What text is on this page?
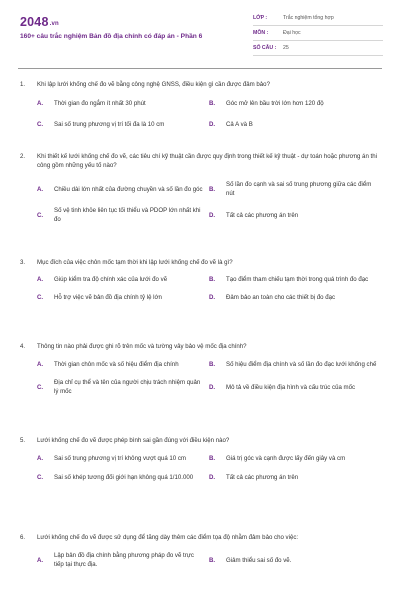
2048.vn
160+ câu trắc nghiệm Bản đồ địa chính có đáp án - Phần 6
LỚP :	Trắc nghiệm tổng hợp
MÔN :	Đại học
SỐ CÂU :	25
1.	Khi lập lưới khống chế đo vẽ bằng công nghệ GNSS, điều kiện gì cần được đảm bảo?
A.	Thời gian đo ngắm ít nhất 30 phút	B.	Góc mở lên bầu trời lớn hơn 120 độ
C.	Sai số trung phương vị trí tối đa là 10 cm	D.	Cả A và B
2.	Khi thiết kế lưới khống chế đo vẽ, các tiêu chí kỹ thuật cần được quy định trong thiết kế kỹ thuật - dự toán hoặc phương án thi công gồm những yếu tố nào?
A.	Chiều dài lớn nhất của đường chuyền và số lần đo góc	B.
Số lần đo cạnh và sai số trung phương giữa các điểm nút
C.
Số vệ tinh khỏe liên tục tối thiểu và PDOP lớn nhất khi đo
D.	Tất cả các phương án trên
3.	Mục đích của việc chôn mốc tạm thời khi lập lưới khống chế đo vẽ là gì?
A.	Giúp kiểm tra độ chính xác của lưới đo vẽ	B.	Tạo điểm tham chiếu tạm thời trong quá trình đo đạc
C.	Hỗ trợ việc vẽ bản đồ địa chính tỷ lệ lớn	D.	Đảm bảo an toàn cho các thiết bị đo đạc
4.	Thông tin nào phải được ghi rõ trên mốc và tường vây bảo vệ mốc địa chính?
A.	Thời gian chôn mốc và số hiệu điểm địa chính	B.	Số hiệu điểm địa chính và số lần đo đạc lưới khống chế
C.
Địa chỉ cụ thể và tên của người chịu trách nhiệm quản lý mốc
D.	Mô tả về điều kiện địa hình và cấu trúc của mốc
5.	Lưới khống chế đo vẽ được phép bình sai gần đúng với điều kiện nào?
A.	Sai số trung phương vị trí không vượt quá 10 cm	B.	Giá trị góc và cạnh được lấy đến giây và cm
C.	Sai số khép tương đối giới hạn không quá 1/10.000	D.	Tất cả các phương án trên
6.	Lưới khống chế đo vẽ được sử dụng để tăng dày thêm các điểm tọa độ nhằm đảm bảo cho việc:
A.
Lập bản đồ địa chính bằng phương pháp đo vẽ trực tiếp tại thực địa.
B.	Giảm thiểu sai số đo vẽ.
